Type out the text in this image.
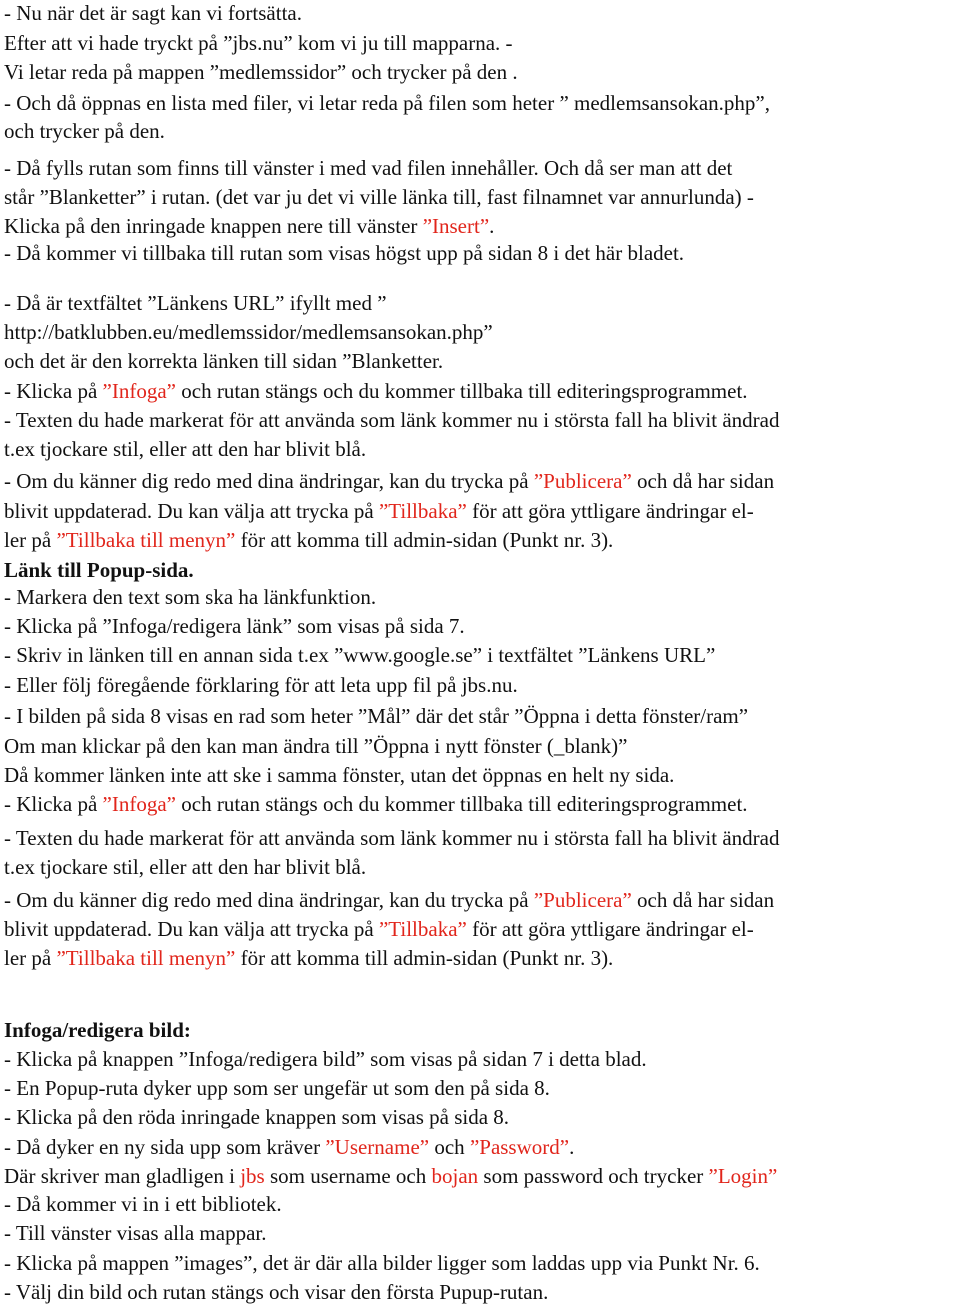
- Nu när det är sagt kan vi fortsätta.
Efter att vi hade tryckt på ”jbs.nu” kom vi ju till mapparna. -
Vi letar reda på mappen ”medlemssidor” och trycker på den .
- Och då öppnas en lista med filer, vi letar reda på filen som heter ” medlemsansokan.php”,
och trycker på den.
- Då fylls rutan som finns till vänster i med vad filen innehåller. Och då ser man att det
står ”Blanketter” i rutan. (det var ju det vi ville länka till, fast filnamnet var annurlunda) -
Klicka på den inringade knappen nere till vänster ”Insert”.
- Då kommer vi tillbaka till rutan som visas högst upp på sidan 8 i det här bladet.
- Då är textfältet ”Länkens URL” ifyllt med ”
http://batklubben.eu/medlemssidor/medlemsansokan.php”
och det är den korrekta länken till sidan ”Blanketter.
- Klicka på ”Infoga” och rutan stängs och du kommer tillbaka till editeringsprogrammet.
- Texten du hade markerat för att använda som länk kommer nu i största fall ha blivit ändrad
t.ex tjockare stil, eller att den har blivit blå.
- Om du känner dig redo med dina ändringar, kan du trycka på ”Publicera” och då har sidan
blivit uppdaterad. Du kan välja att trycka på ”Tillbaka” för att göra yttligare ändringar el-
ler på ”Tillbaka till menyn” för att komma till admin-sidan (Punkt nr. 3).
Länk till Popup-sida.
- Markera den text som ska ha länkfunktion.
- Klicka på ”Infoga/redigera länk” som visas på sida 7.
- Skriv in länken till en annan sida t.ex ”www.google.se” i textfältet ”Länkens URL”
- Eller följ föregående förklaring för att leta upp fil på jbs.nu.
- I bilden på sida 8 visas en rad som heter ”Mål” där det står ”Öppna i detta fönster/ram”
Om man klickar på den kan man ändra till ”Öppna i nytt fönster (_blank)”
Då kommer länken inte att ske i samma fönster, utan det öppnas en helt ny sida.
- Klicka på ”Infoga” och rutan stängs och du kommer tillbaka till editeringsprogrammet.
- Texten du hade markerat för att använda som länk kommer nu i största fall ha blivit ändrad
t.ex tjockare stil, eller att den har blivit blå.
- Om du känner dig redo med dina ändringar, kan du trycka på ”Publicera” och då har sidan
blivit uppdaterad. Du kan välja att trycka på ”Tillbaka” för att göra yttligare ändringar el-
ler på ”Tillbaka till menyn” för att komma till admin-sidan (Punkt nr. 3).
Infoga/redigera bild:
- Klicka på knappen ”Infoga/redigera bild” som visas på sidan 7 i detta blad.
- En Popup-ruta dyker upp som ser ungefär ut som den på sida 8.
- Klicka på den röda inringade knappen som visas på sida 8.
- Då dyker en ny sida upp som kräver ”Username” och ”Password”.
Där skriver man gladligen i jbs som username och bojan som password och trycker ”Login”
- Då kommer vi in i ett bibliotek.
- Till vänster visas alla mappar.
- Klicka på mappen ”images”, det är där alla bilder ligger som laddas upp via Punkt Nr. 6.
- Välj din bild och rutan stängs och visar den första Pupup-rutan.
